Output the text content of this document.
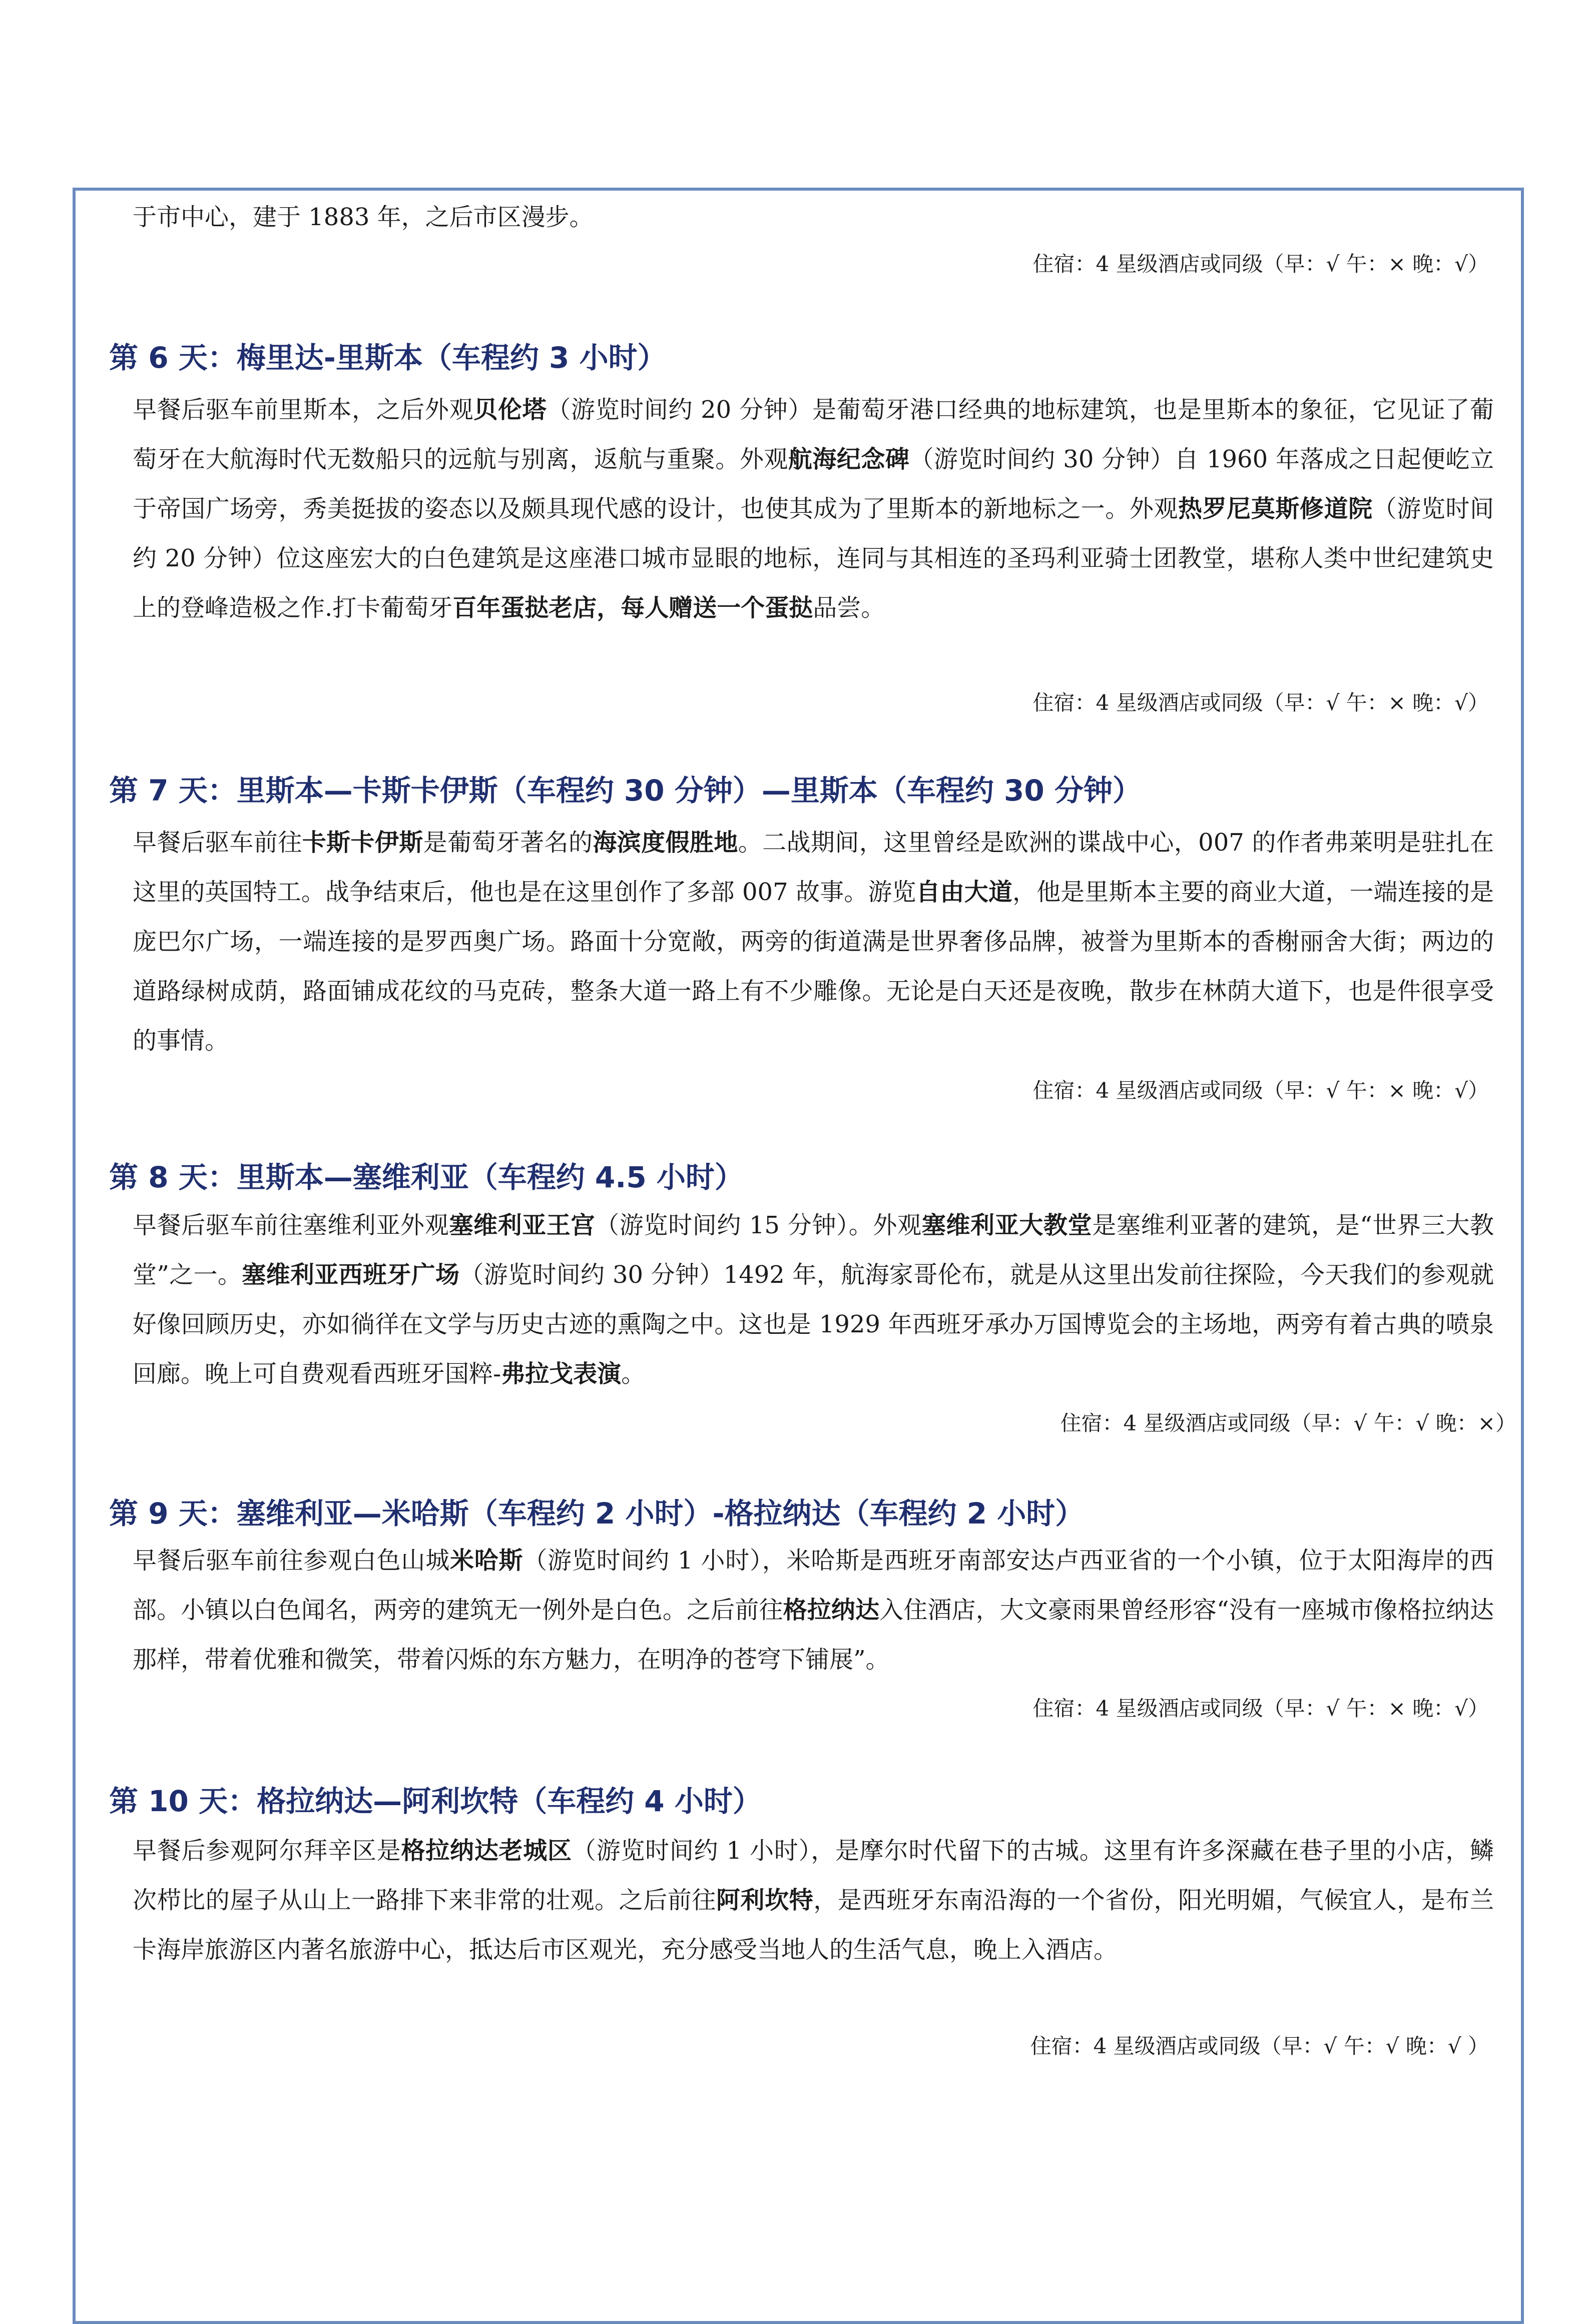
于市中心，建于 1883 年，之后市区漫步。
住宿：4 星级酒店或同级（早：√ 午：× 晚：√）
第 6 天：梅里达-里斯本（车程约 3 小时）
早餐后驱车前里斯本，之后外观贝伦塔（游览时间约 20 分钟）是葡萄牙港口经典的地标建筑，也是里斯本的象征，它见证了葡萄牙在大航海时代无数船只的远航与别离，返航与重聚。外观航海纪念碑（游览时间约 30 分钟）自 1960 年落成之日起便屹立于帝国广场旁，秀美挺拔的姿态以及颇具现代感的设计，也使其成为了里斯本的新地标之一。外观热罗尼莫斯修道院（游览时间约 20 分钟）位这座宏大的白色建筑是这座港口城市显眼的地标，连同与其相连的圣玛利亚骑士团教堂，堪称人类中世纪建筑史上的登峰造极之作.打卡葡萄牙百年蛋挞老店，每人赠送一个蛋挞品尝。
住宿：4 星级酒店或同级（早：√ 午：× 晚：√）
第 7 天：里斯本—卡斯卡伊斯（车程约 30 分钟）—里斯本（车程约 30 分钟）
早餐后驱车前往卡斯卡伊斯是葡萄牙著名的海滨度假胜地。二战期间，这里曾经是欧洲的谍战中心，007 的作者弗莱明是驻扎在这里的英国特工。战争结束后，他也是在这里创作了多部 007 故事。游览自由大道，他是里斯本主要的商业大道，一端连接的是庞巴尔广场，一端连接的是罗西奥广场。路面十分宽敞，两旁的街道满是世界奢侈品牌，被誉为里斯本的香榭丽舍大街；两边的道路绿树成荫，路面铺成花纹的马克砖，整条大道一路上有不少雕像。无论是白天还是夜晚，散步在林荫大道下，也是件很享受的事情。
住宿：4 星级酒店或同级（早：√ 午：× 晚：√）
第 8 天：里斯本—塞维利亚（车程约 4.5 小时）
早餐后驱车前往塞维利亚外观塞维利亚王宫（游览时间约 15 分钟）。外观塞维利亚大教堂是塞维利亚著的建筑，是“世界三大教堂”之一。塞维利亚西班牙广场（游览时间约 30 分钟）1492 年，航海家哥伦布，就是从这里出发前往探险，今天我们的参观就好像回顾历史，亦如徜徉在文学与历史古迹的熏陶之中。这也是 1929 年西班牙承办万国博览会的主场地，两旁有着古典的喷泉回廊。晚上可自费观看西班牙国粹-弗拉戈表演。
住宿：4 星级酒店或同级（早：√ 午：√ 晚：×）
第 9 天：塞维利亚—米哈斯（车程约 2 小时）-格拉纳达（车程约 2 小时）
早餐后驱车前往参观白色山城米哈斯（游览时间约 1 小时），米哈斯是西班牙南部安达卢西亚省的一个小镇，位于太阳海岸的西部。小镇以白色闻名，两旁的建筑无一例外是白色。之后前往格拉纳达入住酒店，大文豪雨果曾经形容“没有一座城市像格拉纳达那样，带着优雅和微笑，带着闪烁的东方魅力，在明净的苍穹下铺展”。
住宿：4 星级酒店或同级（早：√ 午：× 晚：√）
第 10 天：格拉纳达—阿利坎特（车程约 4 小时）
早餐后参观阿尔拜辛区是格拉纳达老城区（游览时间约 1 小时），是摩尔时代留下的古城。这里有许多深藏在巷子里的小店，鳞次栉比的屋子从山上一路排下来非常的壮观。之后前往阿利坎特，是西班牙东南沿海的一个省份，阳光明媚，气候宜人，是布兰卡海岸旅游区内著名旅游中心，抵达后市区观光，充分感受当地人的生活气息，晚上入酒店。
住宿：4 星级酒店或同级（早：√ 午：√ 晚：√ ）
